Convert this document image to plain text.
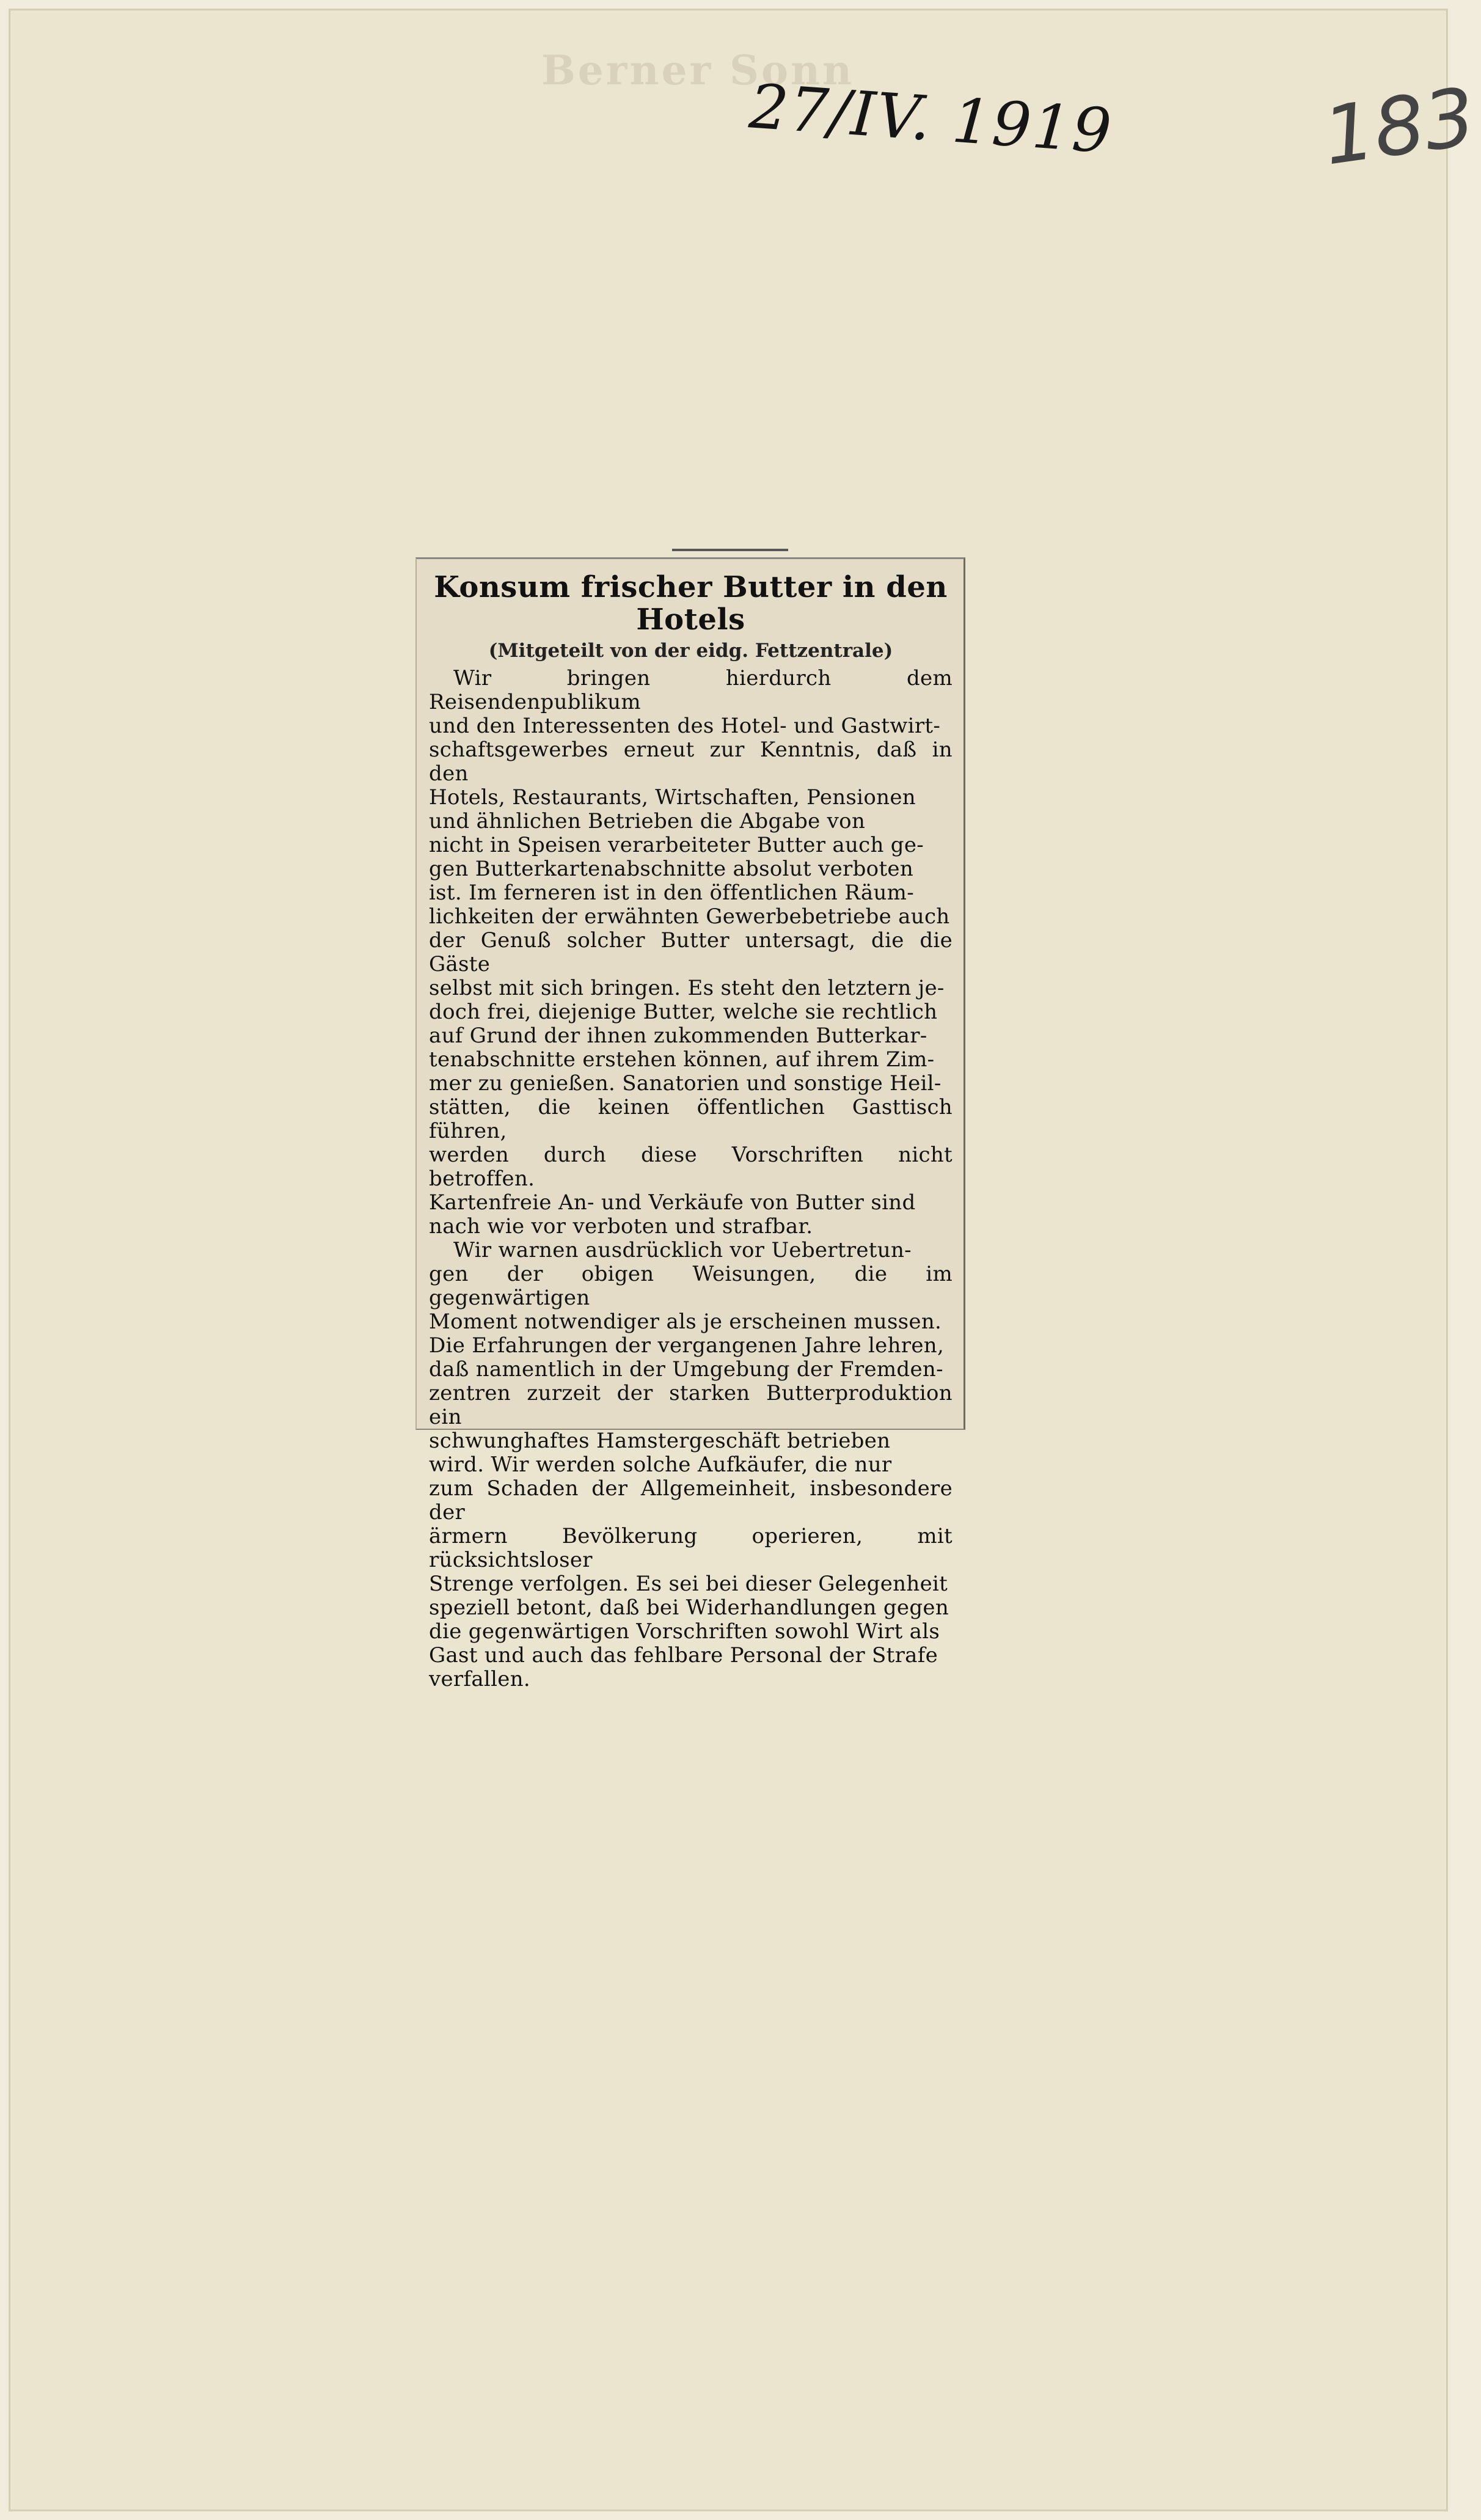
Berner Sonn
27/IV. 1919	183
Konsum frischer Butter in den Hotels
(Mitgeteilt von der eidg. Fettzentrale)

Wir bringen hierdurch dem Reisendenpublikum

und den Interessenten des Hotel- und Gastwirt-

schaftsgewerbes erneut zur Kenntnis, daß in den

Hotels, Restaurants, Wirtschaften, Pensionen

und ähnlichen Betrieben die Abgabe von

nicht in Speisen verarbeiteter Butter auch ge-

gen Butterkartenabschnitte absolut verboten

ist. Im ferneren ist in den öffentlichen Räum-

lichkeiten der erwähnten Gewerbebetriebe auch

der Genuß solcher Butter untersagt, die die Gäste

selbst mit sich bringen. Es steht den letztern je-

doch frei, diejenige Butter, welche sie rechtlich

auf Grund der ihnen zukommenden Butterkar-

tenabschnitte erstehen können, auf ihrem Zim-

mer zu genießen. Sanatorien und sonstige Heil-

stätten, die keinen öffentlichen Gasttisch führen,

werden durch diese Vorschriften nicht betroffen.

Kartenfreie An- und Verkäufe von Butter sind

nach wie vor verboten und strafbar.

Wir warnen ausdrücklich vor Uebertretun-

gen der obigen Weisungen, die im gegenwärtigen

Moment notwendiger als je erscheinen mussen.

Die Erfahrungen der vergangenen Jahre lehren,

daß namentlich in der Umgebung der Fremden-

zentren zurzeit der starken Butterproduktion ein

schwunghaftes Hamstergeschäft betrieben

wird. Wir werden solche Aufkäufer, die nur

zum Schaden der Allgemeinheit, insbesondere der

ärmern Bevölkerung operieren, mit rücksichtsloser

Strenge verfolgen. Es sei bei dieser Gelegenheit

speziell betont, daß bei Widerhandlungen gegen

die gegenwärtigen Vorschriften sowohl Wirt als

Gast und auch das fehlbare Personal der Strafe

verfallen.
